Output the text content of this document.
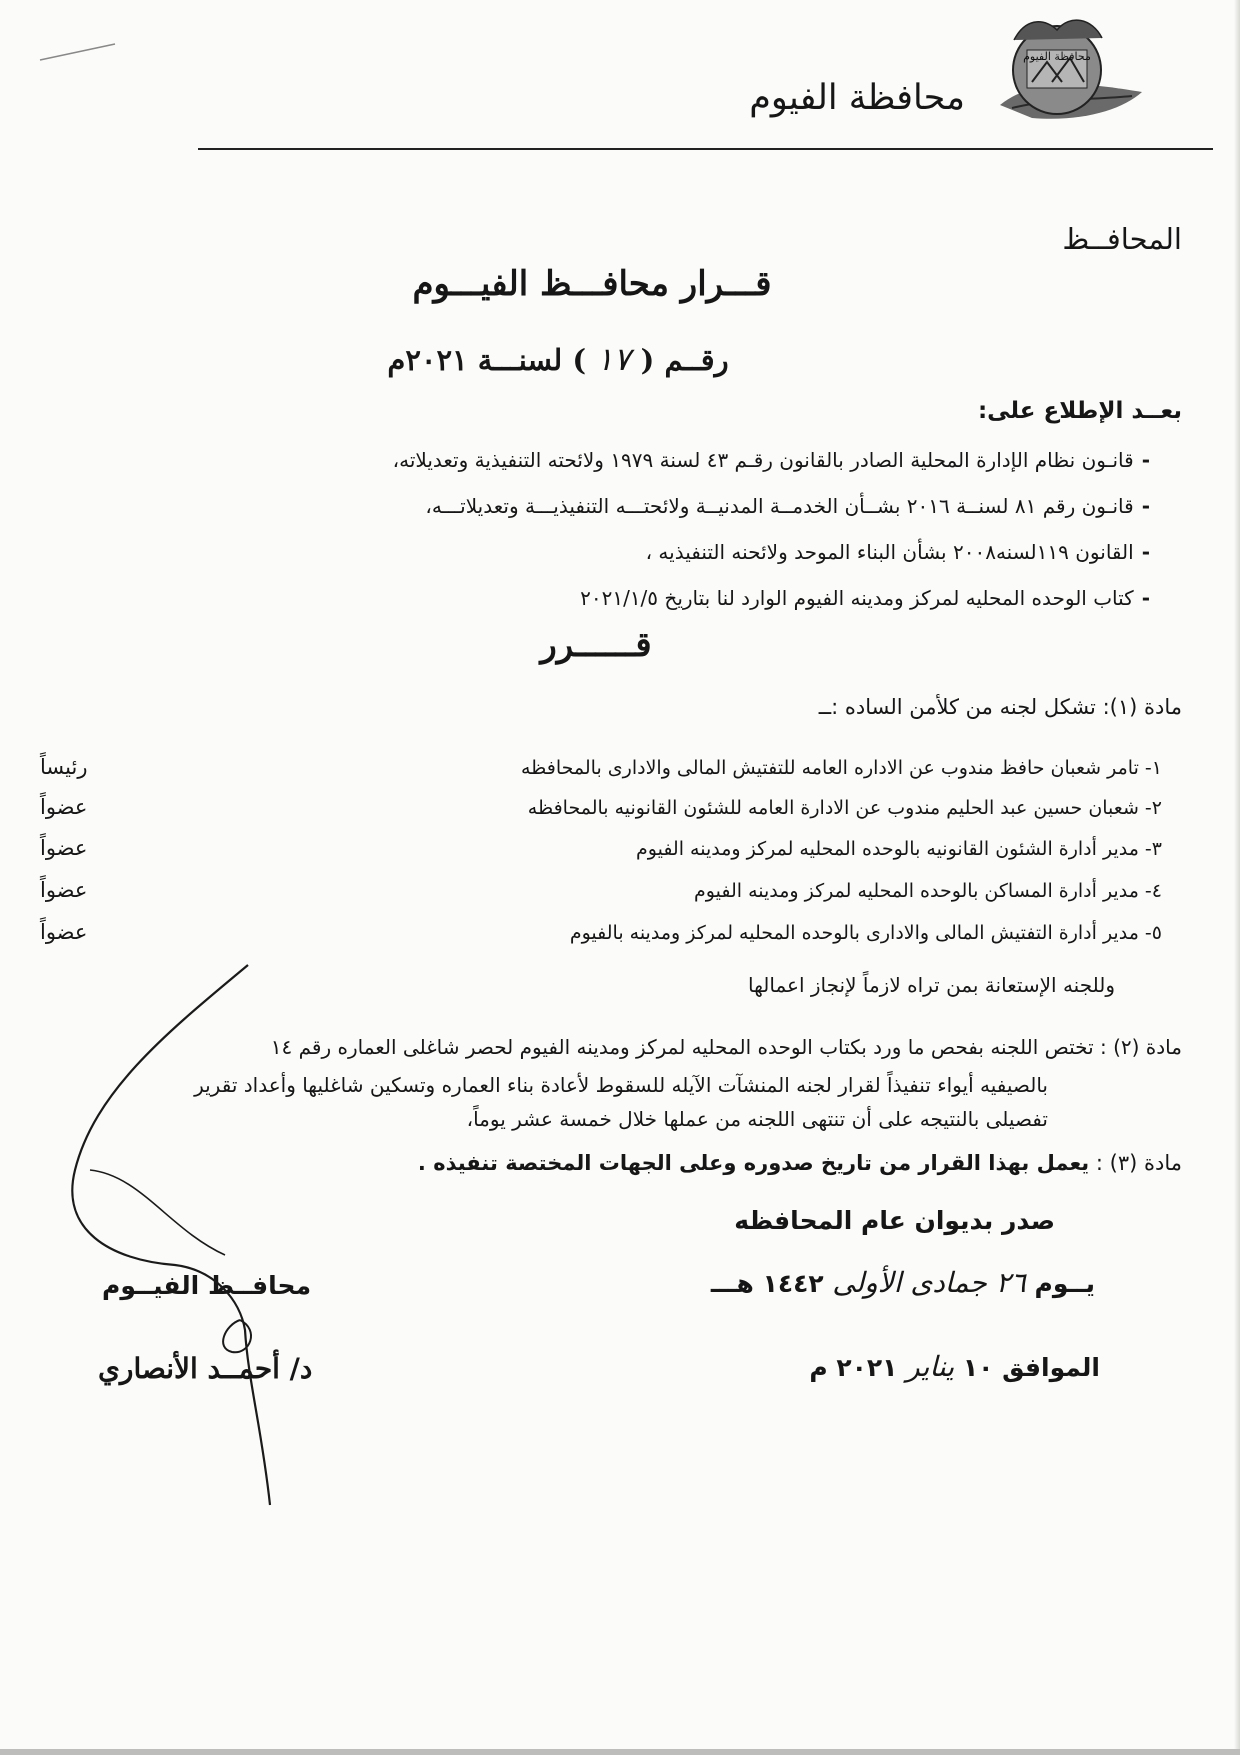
محافظة الفيوم
محافظة الفيوم
المحافــظ
قـــرار محافـــظ الفيـــوم
رقــم ( ١٧ ) لسنـــة ٢٠٢١م
بعــد الإطلاع على:
-قانـون نظام الإدارة المحلية الصادر بالقانون رقـم ٤٣ لسنة ١٩٧٩ ولائحته التنفيذية وتعديلاته،
-قانـون رقم ٨١ لسنــة ٢٠١٦ بشــأن الخدمــة المدنيــة ولائحتـــه التنفيذيـــة وتعديلاتـــه،
-القانون ١١٩لسنه٢٠٠٨ بشأن البناء الموحد ولائحنه التنفيذيه ،
-كتاب الوحده المحليه لمركز ومدينه الفيوم الوارد لنا بتاريخ ٢٠٢١/١/٥
قــــــرر
مادة (١): تشكل لجنه من كلأمن الساده :ــ
١- تامر شعبان حافظ مندوب عن الاداره العامه للتفتيش المالى والادارى بالمحافظه
رئيساً
٢- شعبان حسين عبد الحليم مندوب عن الادارة العامه للشئون القانونيه بالمحافظه
عضواً
٣- مدير أدارة الشئون القانونيه بالوحده المحليه لمركز ومدينه الفيوم
عضواً
٤- مدير أدارة المساكن بالوحده المحليه لمركز ومدينه الفيوم
عضواً
٥- مدير أدارة التفتيش المالى والادارى بالوحده المحليه لمركز ومدينه بالفيوم
عضواً
وللجنه الإستعانة بمن تراه لازماً لإنجاز اعمالها
مادة (٢) : تختص اللجنه بفحص ما ورد بكتاب الوحده المحليه لمركز ومدينه الفيوم لحصر شاغلى العماره رقم ١٤
بالصيفيه أيواء تنفيذاً لقرار لجنه المنشآت الآيله للسقوط لأعادة بناء العماره وتسكين شاغليها وأعداد تقرير
تفصيلى بالنتيجه على أن تنتهى اللجنه من عملها خلال خمسة عشر يوماً،
مادة (٣) : يعمل بهذا القرار من تاريخ صدوره وعلى الجهات المختصة تنفيذه .
صدر بديوان عام المحافظه
يــوم ٢٦ جمادى الأولى ١٤٤٢ هـــ
الموافق ١٠ يناير ٢٠٢١ م
محافــظ الفيــوم
د/ أحمــد الأنصاري
